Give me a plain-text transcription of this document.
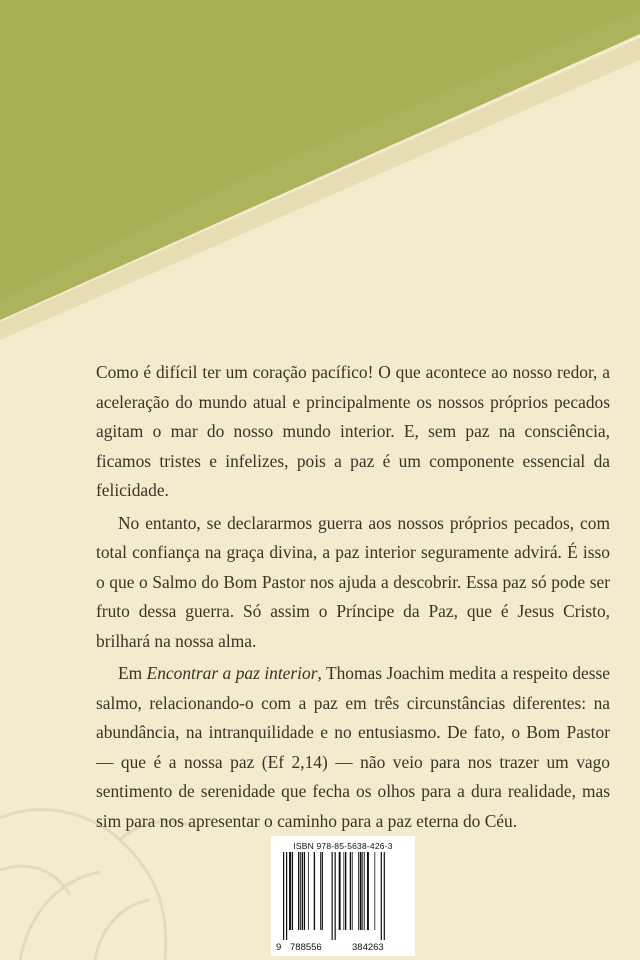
Como é difícil ter um coração pacífico! O que acontece ao nosso redor, a aceleração do mundo atual e principalmente os nossos próprios pecados agitam o mar do nosso mundo interior. E, sem paz na consciência, ficamos tristes e infelizes, pois a paz é um componente essencial da felicidade.

No entanto, se declararmos guerra aos nossos próprios pecados, com total confiança na graça divina, a paz interior seguramente advirá. É isso o que o Salmo do Bom Pastor nos ajuda a descobrir. Essa paz só pode ser fruto dessa guerra. Só assim o Príncipe da Paz, que é Jesus Cristo, brilhará na nossa alma.

Em Encontrar a paz interior, Thomas Joachim medita a respeito desse salmo, relacionando-o com a paz em três circunstâncias diferentes: na abundância, na intranquilidade e no entusiasmo. De fato, o Bom Pastor — que é a nossa paz (Ef 2,14) — não veio para nos trazer um vago sentimento de serenidade que fecha os olhos para a dura realidade, mas sim para nos apresentar o caminho para a paz eterna do Céu.

ISBN 978-85-5638-426-3
9 788556	384263
